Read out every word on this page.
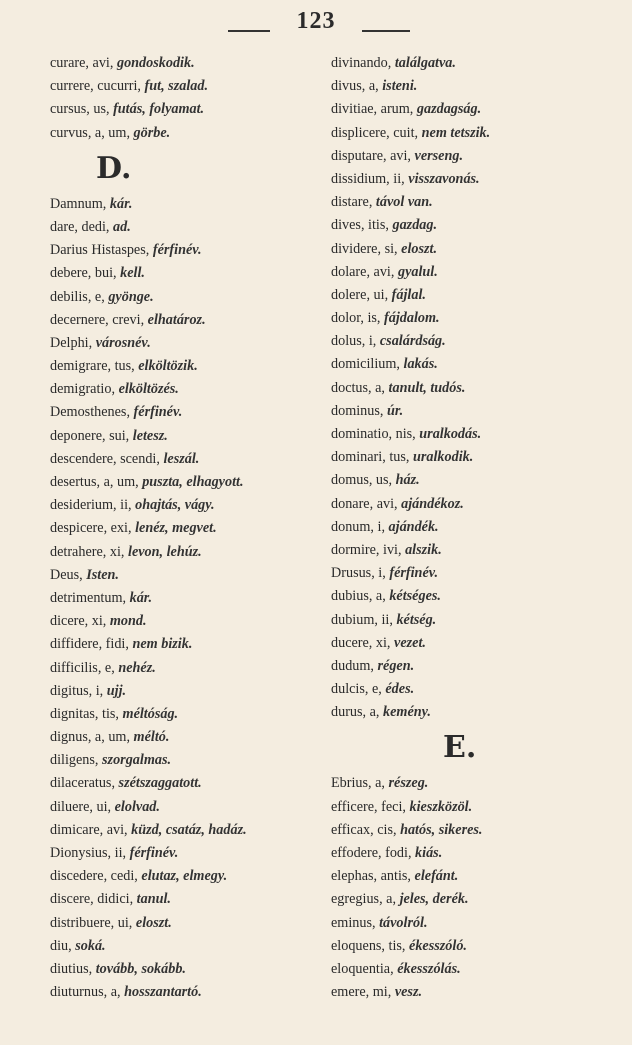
123
curare, avi, gondoskodik.
currere, cucurri, fut, szalad.
cursus, us, futás, folyamat.
curvus, a, um, görbe.
D.
Damnum, kár.
dare, dedi, ad.
Darius Histaspes, férfinév.
debere, bui, kell.
debilis, e, gyönge.
decernere, crevi, elhatároz.
Delphi, városnév.
demigrare, tus, elköltözik.
demigratio, elköltözés.
Demosthenes, férfinév.
deponere, sui, letesz.
descendere, scendi, leszál.
desertus, a, um, puszta, elhagyott.
desiderium, ii, ohajtás, vágy.
despicere, exi, lenéz, megvet.
detrahere, xi, levon, lehúz.
Deus, Isten.
detrimentum, kár.
dicere, xi, mond.
diffidere, fidi, nem bizik.
difficilis, e, nehéz.
digitus, i, ujj.
dignitas, tis, méltóság.
dignus, a, um, méltó.
diligens, szorgalmas.
dilaceratus, szétszaggatott.
diluere, ui, elolvad.
dimicare, avi, küzd, csatáz, hadáz.
Dionysius, ii, férfinév.
discedere, cedi, elutaz, elmegy.
discere, didici, tanul.
distribuere, ui, eloszt.
diu, soká.
diutius, tovább, sokább.
diuturnus, a, hosszantartó.
divinando, találgatva.
divus, a, isteni.
divitiae, arum, gazdagság.
displicere, cuit, nem tetszik.
disputare, avi, verseng.
dissidium, ii, visszavonás.
distare, távol van.
dives, itis, gazdag.
dividere, si, eloszt.
dolare, avi, gyalul.
dolere, ui, fájlal.
dolor, is, fájdalom.
dolus, i, csalárdság.
domicilium, lakás.
doctus, a, tanult, tudós.
dominus, úr.
dominatio, nis, uralkodás.
dominari, tus, uralkodik.
domus, us, ház.
donare, avi, ajándékoz.
donum, i, ajándék.
dormire, ivi, alszik.
Drusus, i, férfinév.
dubius, a, kétséges.
dubium, ii, kétség.
ducere, xi, vezet.
dudum, régen.
dulcis, e, édes.
durus, a, kemény.
E.
Ebrius, a, részeg.
efficere, feci, kieszközöl.
efficax, cis, hatós, sikeres.
effodere, fodi, kiás.
elephas, antis, elefánt.
egregius, a, jeles, derék.
eminus, távolról.
eloquens, tis, ékesszóló.
eloquentia, ékesszólás.
emere, mi, vesz.
